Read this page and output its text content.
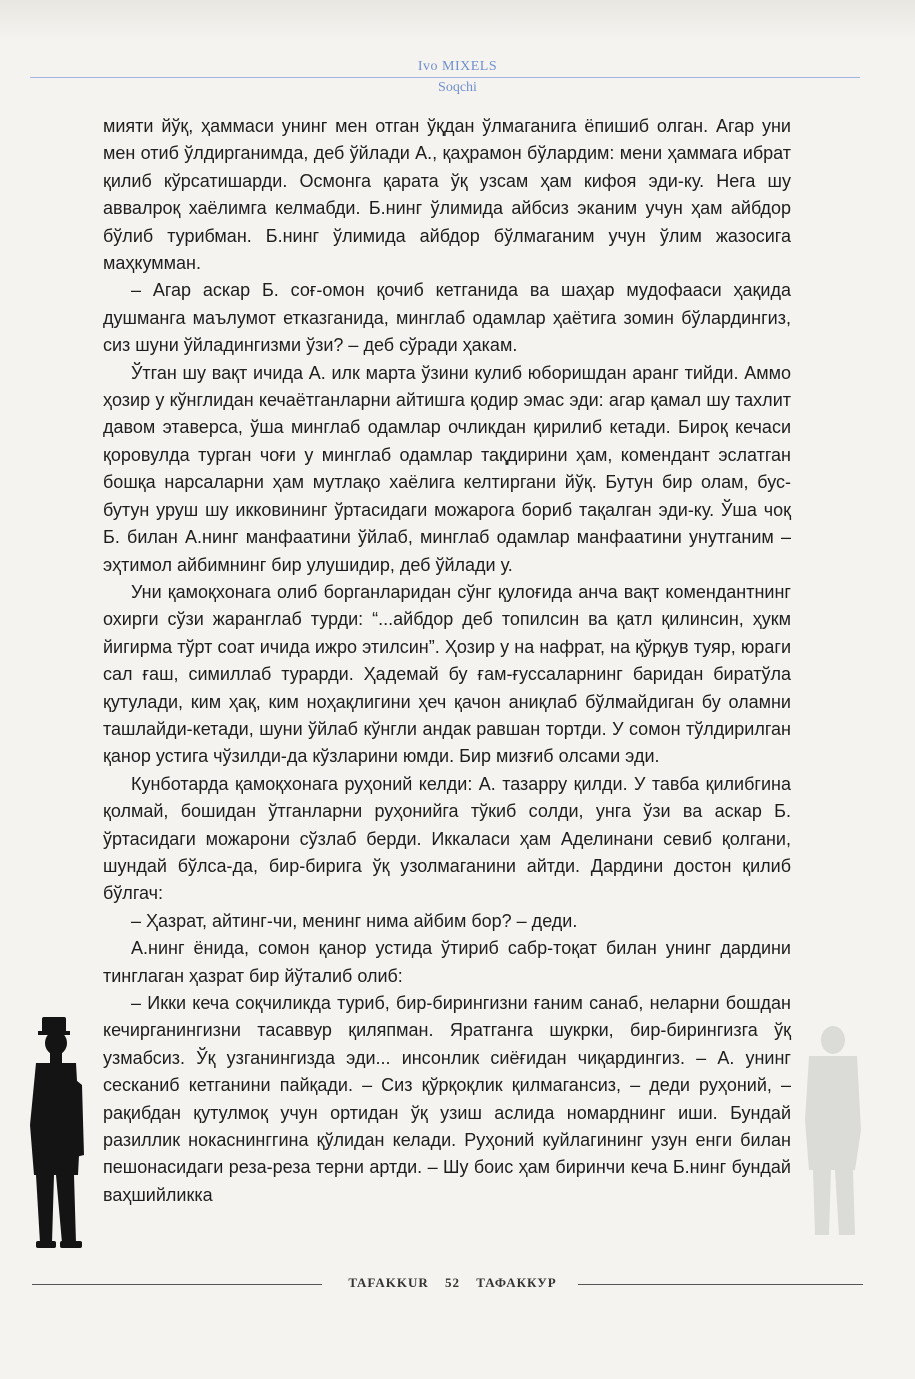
Ivo MIXELS
Soqchi

мияти йўқ, ҳаммаси унинг мен отган ўқдан ўлмаганига ёпишиб олган. Агар уни мен отиб ўлдирганимда, деб ўйлади А., қаҳрамон бўлардим: мени ҳаммага ибрат қилиб кўрсатишарди. Осмонга қарата ўқ узсам ҳам кифоя эди-ку. Нега шу аввалроқ хаёлимга келмабди. Б.нинг ўлимида айбсиз эканим учун ҳам айбдор бўлиб турибман. Б.нинг ўлимида айбдор бўлмаганим учун ўлим жазосига маҳкумман.

– Агар аскар Б. соғ-омон қочиб кетганида ва шаҳар мудофааси ҳақида душманга маълумот етказганида, минглаб одамлар ҳаётига зомин бўлардингиз, сиз шуни ўйладингизми ўзи? – деб сўради ҳакам.

Ўтган шу вақт ичида А. илк марта ўзини кулиб юборишдан аранг тийди. Аммо ҳозир у кўнглидан кечаётганларни айтишга қодир эмас эди: агар қамал шу тахлит давом этаверса, ўша минглаб одамлар очликдан қирилиб кетади. Бироқ кечаси қоровулда турган чоғи у минглаб одамлар тақдирини ҳам, комендант эслатган бошқа нарсаларни ҳам мутлақо хаёлига келтиргани йўқ. Бутун бир олам, бус-бутун уруш шу икковининг ўртасидаги можарога бориб тақалган эди-ку. Ўша чоқ Б. билан А.нинг манфаатини ўйлаб, минглаб одамлар манфаатини унутганим – эҳтимол айбимнинг бир улушидир, деб ўйлади у.

Уни қамоқхонага олиб борганларидан сўнг қулоғида анча вақт комендантнинг охирги сўзи жаранглаб турди: “...айбдор деб топилсин ва қатл қилинсин, ҳукм йигирма тўрт соат ичида ижро этилсин”. Ҳозир у на нафрат, на қўрқув туяр, юраги сал ғаш, симиллаб турарди. Ҳадемай бу ғам-ғуссаларнинг баридан биратўла қутулади, ким ҳақ, ким ноҳақлигини ҳеч қачон аниқлаб бўлмайдиган бу оламни ташлайди-кетади, шуни ўйлаб кўнгли андак равшан тортди. У сомон тўлдирилган қанор устига чўзилди-да кўзларини юмди. Бир мизғиб олсами эди.

Кунботарда қамоқхонага руҳоний келди: А. тазарру қилди. У тавба қилибгина қолмай, бошидан ўтганларни руҳонийга тўкиб солди, унга ўзи ва аскар Б. ўртасидаги можарони сўзлаб берди. Иккаласи ҳам Аделинани севиб қолгани, шундай бўлса-да, бир-бирига ўқ узолмаганини айтди. Дардини достон қилиб бўлгач:

– Ҳазрат, айтинг-чи, менинг нима айбим бор? – деди.

А.нинг ёнида, сомон қанор устида ўтириб сабр-тоқат билан унинг дардини тинглаган ҳазрат бир йўталиб олиб:

– Икки кеча соқчиликда туриб, бир-бирингизни ғаним санаб, неларни бошдан кечирганингизни тасаввур қиляпман. Яратганга шукрки, бир-бирингизга ўқ узмабсиз. Ўқ узганингизда эди... инсонлик сиёғидан чиқардингиз. – А. унинг сесканиб кетганини пайқади. – Сиз қўрқоқлик қилмагансиз, – деди руҳоний, – рақибдан қутулмоқ учун ортидан ўқ узиш аслида номарднинг иши. Бундай разиллик нокаснинггина қўлидан келади. Руҳоний куйлагининг узун енги билан пешонасидаги реза-реза терни артди. – Шу боис ҳам биринчи кеча Б.нинг бундай ваҳшийликка

TAFAKKUR 52 ТАФАККУР
